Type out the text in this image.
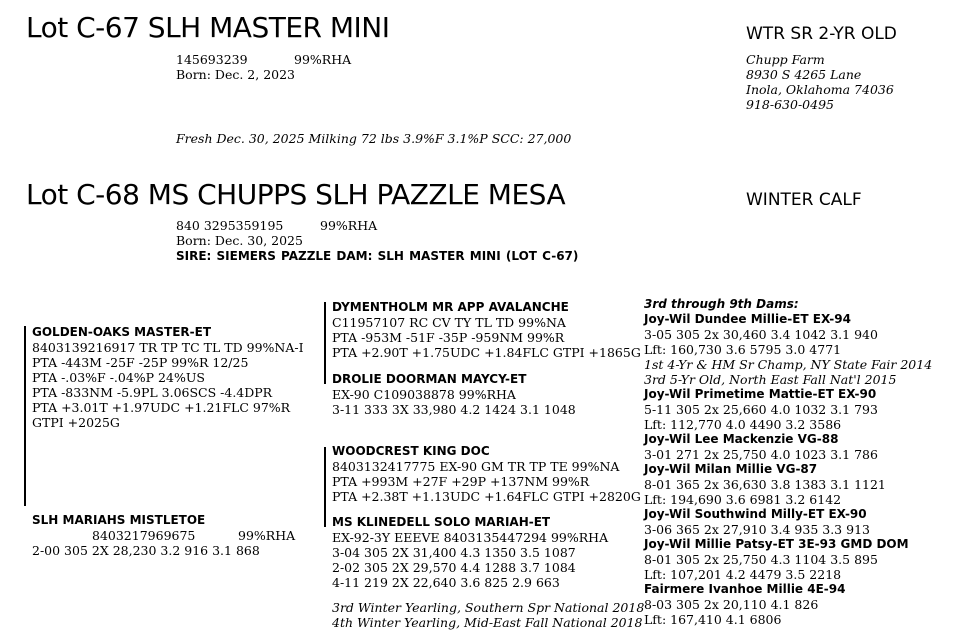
Lot C-67 SLH MASTER MINI
145693239	99%RHA
Born: Dec. 2, 2023
WTR SR 2-YR OLD
Chupp Farm
8930 S 4265 Lane
Inola, Oklahoma 74036
918-630-0495
Fresh Dec. 30, 2025 Milking 72 lbs 3.9%F 3.1%P SCC: 27,000
Lot C-68 MS CHUPPS SLH PAZZLE MESA	WINTER CALF
840 3295359195	99%RHA
Born: Dec. 30, 2025
SIRE: SIEMERS PAZZLE DAM: SLH MASTER MINI (LOT C-67)
GOLDEN-OAKS MASTER-ET
8403139216917 TR TP TC TL TD 99%NA-I
PTA -443M -25F -25P 99%R 12/25
PTA -.03%F -.04%P 24%US
PTA -833NM -5.9PL 3.06SCS -4.4DPR
PTA +3.01T +1.97UDC +1.21FLC 97%R
GTPI +2025G
SLH MARIAHS MISTLETOE
8403217969675	99%RHA
2-00 305 2X 28,230 3.2 916 3.1 868
DYMENTHOLM MR APP AVALANCHE
C11957107 RC CV TY TL TD 99%NA
PTA -953M -51F -35P -959NM 99%R
PTA +2.90T +1.75UDC +1.84FLC GTPI +1865G
DROLIE DOORMAN MAYCY-ET
EX-90 C109038878 99%RHA
3-11 333 3X 33,980 4.2 1424 3.1 1048
WOODCREST KING DOC
8403132417775 EX-90 GM TR TP TE 99%NA
PTA +993M +27F +29P +137NM 99%R
PTA +2.38T +1.13UDC +1.64FLC GTPI +2820G
MS KLINEDELL SOLO MARIAH-ET
EX-92-3Y EEEVE 8403135447294 99%RHA
3-04 305 2X 31,400 4.3 1350 3.5 1087
2-02 305 2X 29,570 4.4 1288 3.7 1084
4-11 219 2X 22,640 3.6 825 2.9 663
3rd Winter Yearling, Southern Spr National 2018
4th Winter Yearling, Mid-East Fall National 2018
3rd through 9th Dams:
Joy-Wil Dundee Millie-ET EX-94
3-05 305 2x 30,460 3.4 1042 3.1 940
Lft: 160,730 3.6 5795 3.0 4771
1st 4-Yr & HM Sr Champ, NY State Fair 2014
3rd 5-Yr Old, North East Fall Nat'l 2015
Joy-Wil Primetime Mattie-ET EX-90
5-11 305 2x 25,660 4.0 1032 3.1 793
Lft: 112,770 4.0 4490 3.2 3586
Joy-Wil Lee Mackenzie VG-88
3-01 271 2x 25,750 4.0 1023 3.1 786
Joy-Wil Milan Millie VG-87
8-01 365 2x 36,630 3.8 1383 3.1 1121
Lft: 194,690 3.6 6981 3.2 6142
Joy-Wil Southwind Milly-ET EX-90
3-06 365 2x 27,910 3.4 935 3.3 913
Joy-Wil Millie Patsy-ET 3E-93 GMD DOM
8-01 305 2x 25,750 4.3 1104 3.5 895
Lft: 107,201 4.2 4479 3.5 2218
Fairmere Ivanhoe Millie 4E-94
8-03 305 2x 20,110 4.1 826
Lft: 167,410 4.1 6806
